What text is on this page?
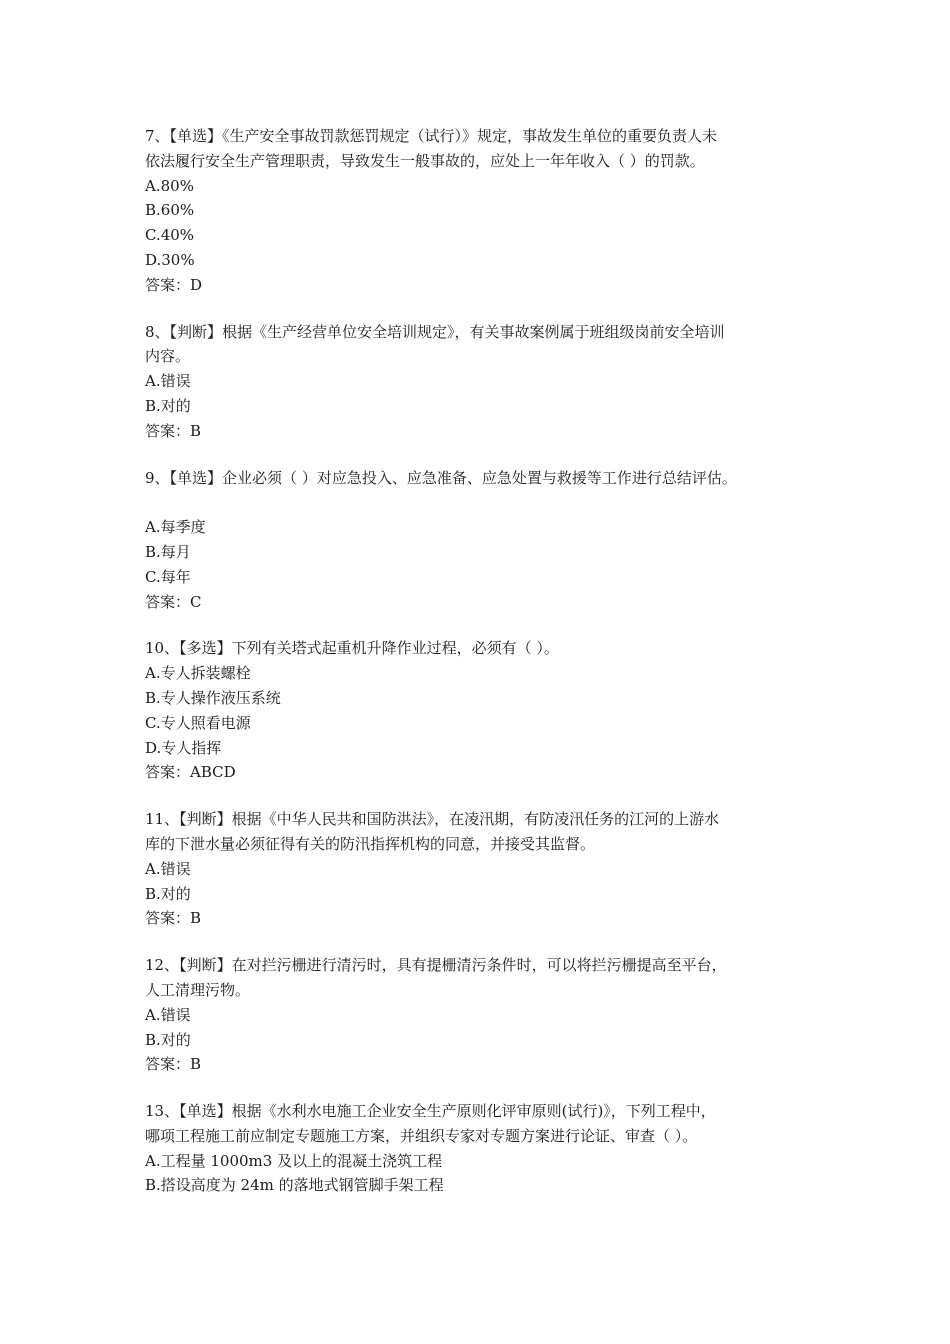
7、【单选】《生产安全事故罚款惩罚规定（试行）》规定，事故发生单位的重要负责人未
依法履行安全生产管理职责，导致发生一般事故的，应处上一年年收入（ ）的罚款。
A.80%
B.60%
C.40%
D.30%
答案：D
8、【判断】根据《生产经营单位安全培训规定》，有关事故案例属于班组级岗前安全培训
内容。
A.错误
B.对的
答案：B
9、【单选】企业必须（ ）对应急投入、应急准备、应急处置与救援等工作进行总结评估。
A.每季度
B.每月
C.每年
答案：C
10、【多选】下列有关塔式起重机升降作业过程，必须有（ ）。
A.专人拆装螺栓
B.专人操作液压系统
C.专人照看电源
D.专人指挥
答案：ABCD
11、【判断】根据《中华人民共和国防洪法》，在凌汛期，有防凌汛任务的江河的上游水
库的下泄水量必须征得有关的防汛指挥机构的同意，并接受其监督。
A.错误
B.对的
答案：B
12、【判断】在对拦污栅进行清污时，具有提栅清污条件时，可以将拦污栅提高至平台，
人工清理污物。
A.错误
B.对的
答案：B
13、【单选】根据《水利水电施工企业安全生产原则化评审原则(试行)》，下列工程中，
哪项工程施工前应制定专题施工方案，并组织专家对专题方案进行论证、审查（ ）。
A.工程量 1000m3 及以上的混凝土浇筑工程
B.搭设高度为 24m 的落地式钢管脚手架工程
